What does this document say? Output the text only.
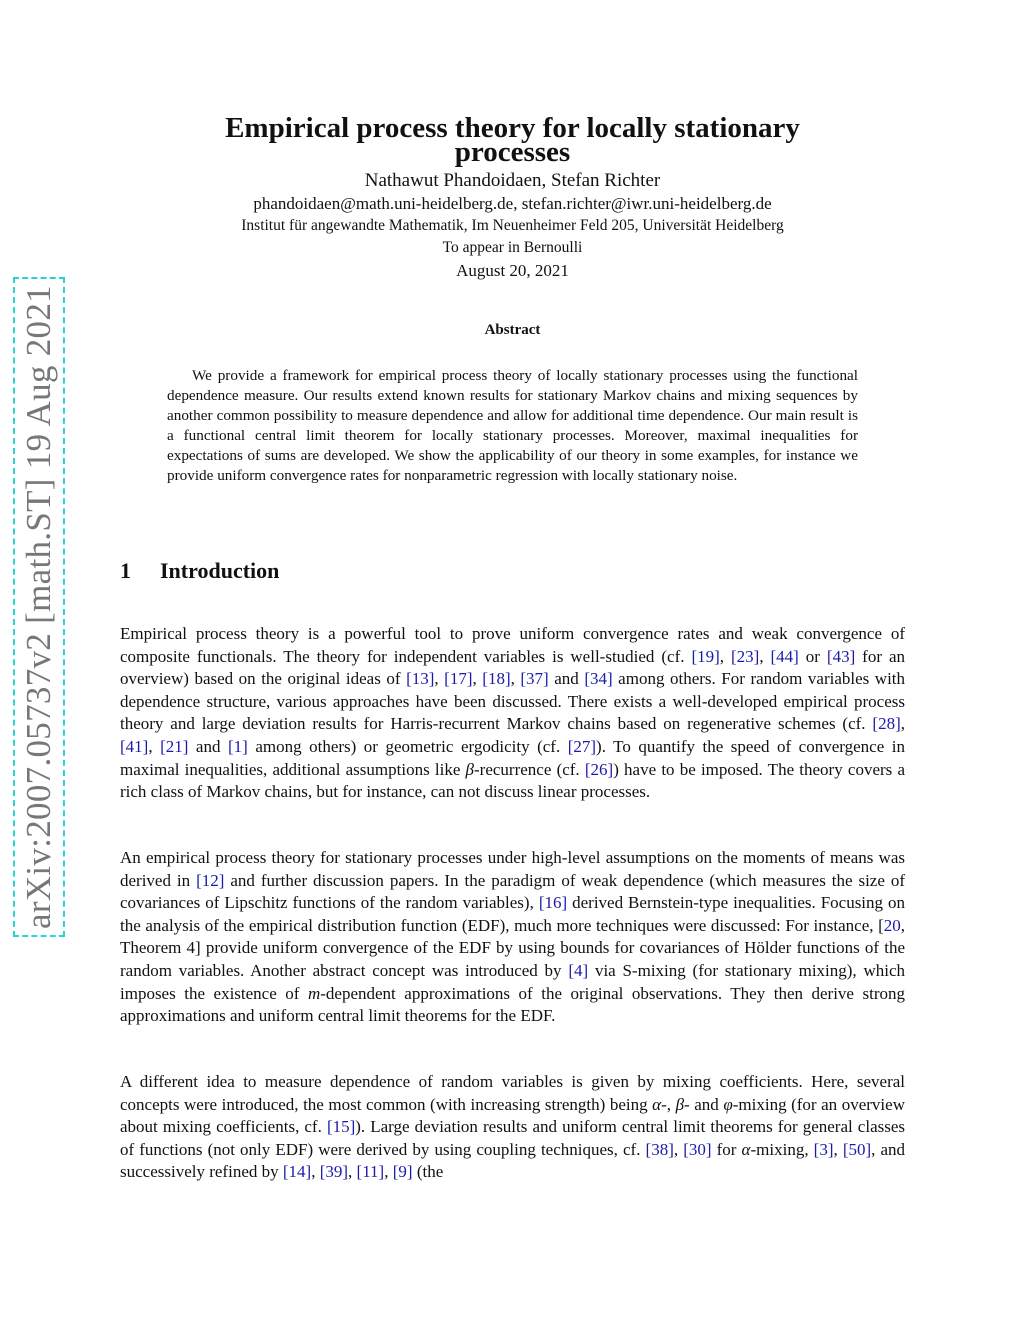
arXiv:2007.05737v2 [math.ST] 19 Aug 2021
Empirical process theory for locally stationary
processes
Nathawut Phandoidaen, Stefan Richter
phandoidaen@math.uni-heidelberg.de, stefan.richter@iwr.uni-heidelberg.de
Institut für angewandte Mathematik, Im Neuenheimer Feld 205, Universität Heidelberg
To appear in Bernoulli
August 20, 2021
Abstract

We provide a framework for empirical process theory of locally stationary processes using the functional dependence measure. Our results extend known results for stationary Markov chains and mixing sequences by another common possibility to measure dependence and allow for additional time dependence. Our main result is a functional central limit theorem for locally stationary processes. Moreover, maximal inequalities for expectations of sums are developed. We show the applicability of our theory in some examples, for instance we provide uniform convergence rates for nonparametric regression with locally stationary noise.

1 Introduction

Empirical process theory is a powerful tool to prove uniform convergence rates and weak convergence of composite functionals. The theory for independent variables is well-studied (cf. [19], [23], [44] or [43] for an overview) based on the original ideas of [13], [17], [18], [37] and [34] among others. For random variables with dependence structure, various approaches have been discussed. There exists a well-developed empirical process theory and large deviation results for Harris-recurrent Markov chains based on regenerative schemes (cf. [28], [41], [21] and [1] among others) or geometric ergodicity (cf. [27]). To quantify the speed of convergence in maximal inequalities, additional assumptions like β-recurrence (cf. [26]) have to be imposed. The theory covers a rich class of Markov chains, but for instance, can not discuss linear processes.

An empirical process theory for stationary processes under high-level assumptions on the moments of means was derived in [12] and further discussion papers. In the paradigm of weak dependence (which measures the size of covariances of Lipschitz functions of the random variables), [16] derived Bernstein-type inequalities. Focusing on the analysis of the empirical distribution function (EDF), much more techniques were discussed: For instance, [20, Theorem 4] provide uniform convergence of the EDF by using bounds for covariances of Hölder functions of the random variables. Another abstract concept was introduced by [4] via S-mixing (for stationary mixing), which imposes the existence of m-dependent approximations of the original observations. They then derive strong approximations and uniform central limit theorems for the EDF.

A different idea to measure dependence of random variables is given by mixing coefficients. Here, several concepts were introduced, the most common (with increasing strength) being α-, β- and φ-mixing (for an overview about mixing coefficients, cf. [15]). Large deviation results and uniform central limit theorems for general classes of functions (not only EDF) were derived by using coupling techniques, cf. [38], [30] for α-mixing, [3], [50], and successively refined by [14], [39], [11], [9] (the
